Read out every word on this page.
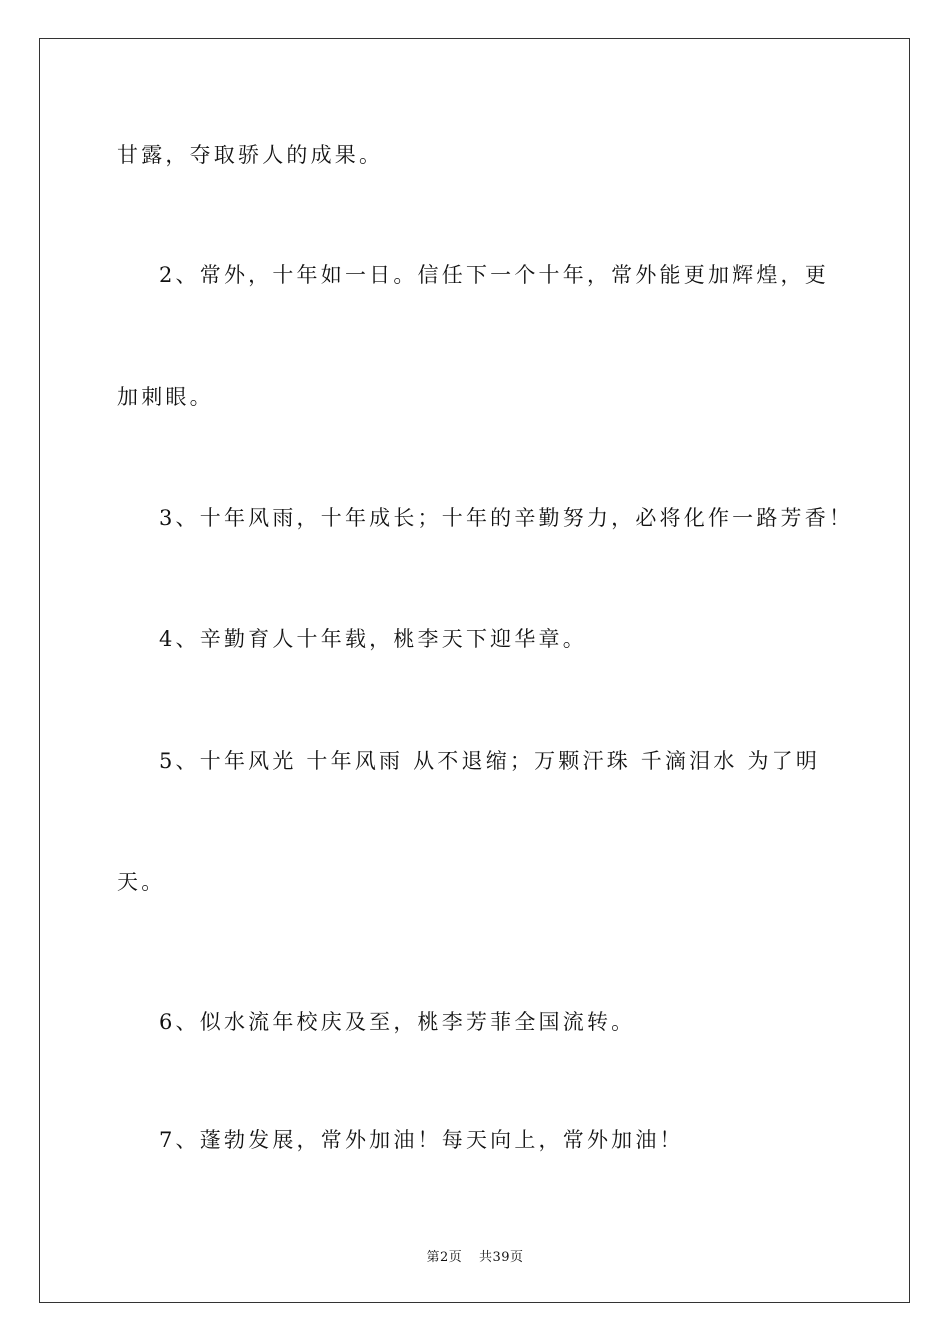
甘露，夺取骄人的成果。
2、常外，十年如一日。信任下一个十年，常外能更加辉煌，更
加刺眼。
3、十年风雨，十年成长；十年的辛勤努力，必将化作一路芳香！
4、辛勤育人十年载，桃李天下迎华章。
5、十年风光 十年风雨 从不退缩；万颗汗珠 千滴泪水 为了明
天。
6、似水流年校庆及至，桃李芳菲全国流转。
7、蓬勃发展，常外加油！每天向上，常外加油！
第2页 共39页
